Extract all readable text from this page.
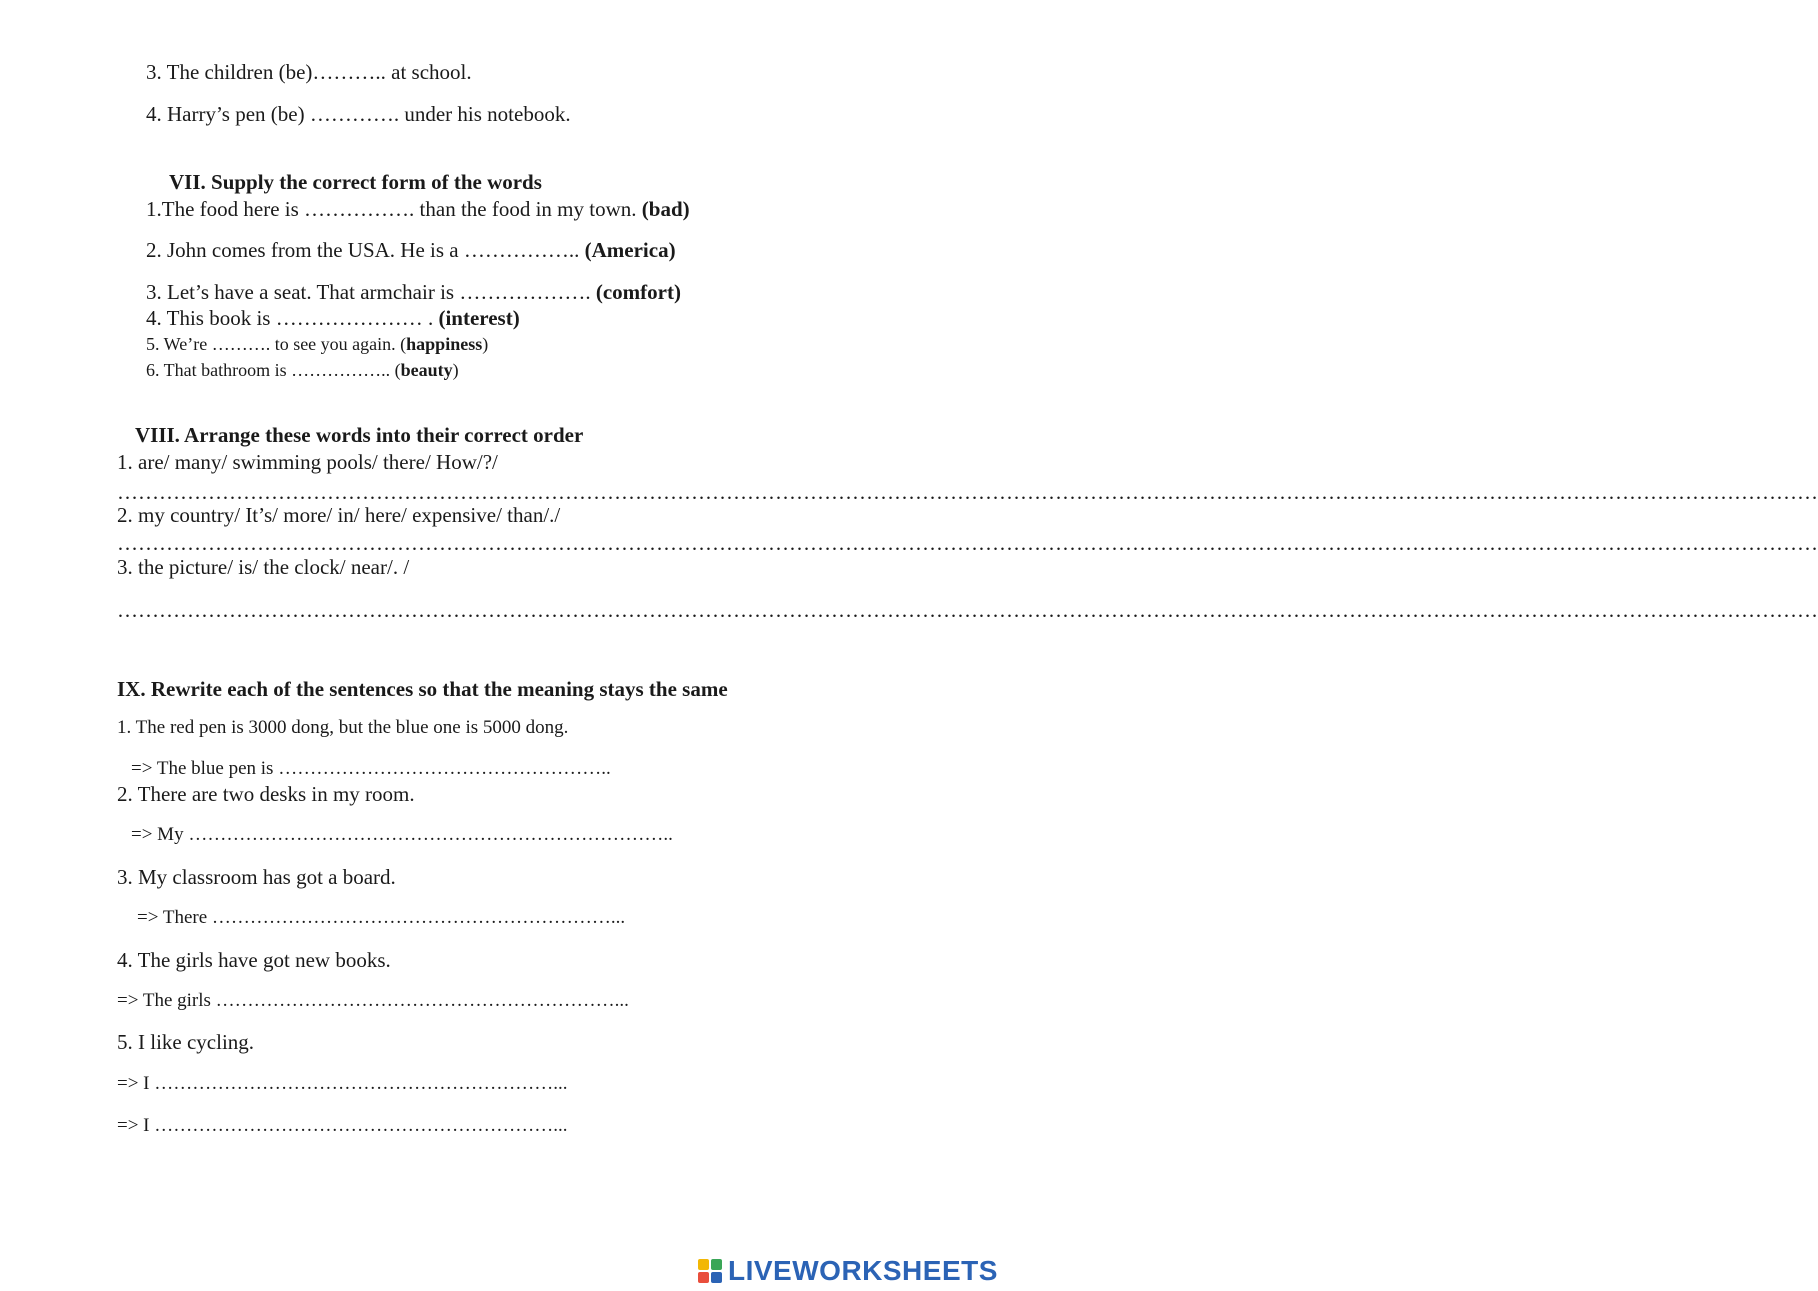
3. The children (be)……….. at school.
4. Harry’s pen (be) …………. under his notebook.
VII. Supply the correct form of the words
1.The food here is ……………. than the food in my town. (bad)
2. John comes from the USA. He is a …………….. (America)
3. Let’s have a seat. That armchair is ………………. (comfort)
4. This book is ………………… . (interest)
5. We’re ………. to see you again. (happiness)
6. That bathroom is …………….. (beauty)
VIII. Arrange these words into their correct order
1. are/ many/ swimming pools/ there/ How/?/
………………………………………………………………………………………………………………………………………………………………………………………………………………………
2. my country/ It’s/ more/ in/ here/ expensive/ than/./
………………………………………………………………………………………………………………………………………………………………………………………………………………………
3. the picture/ is/ the clock/ near/. /
………………………………………………………………………………………………………………………………………………………………………………………………………………………
IX. Rewrite each of the sentences so that the meaning stays the same
1. The red pen is 3000 dong, but the blue one is 5000 dong.
=> The blue pen is ……………………………………………..
2. There are two desks in my room.
=> My …………………………………………………………………..
3. My classroom has got a board.
=> There ………………………………………………………...
4. The girls have got new books.
=> The girls ………………………………………………………...
5. I like cycling.
=> I ………………………………………………………...
=> I ………………………………………………………...
LIVEWORKSHEETS
